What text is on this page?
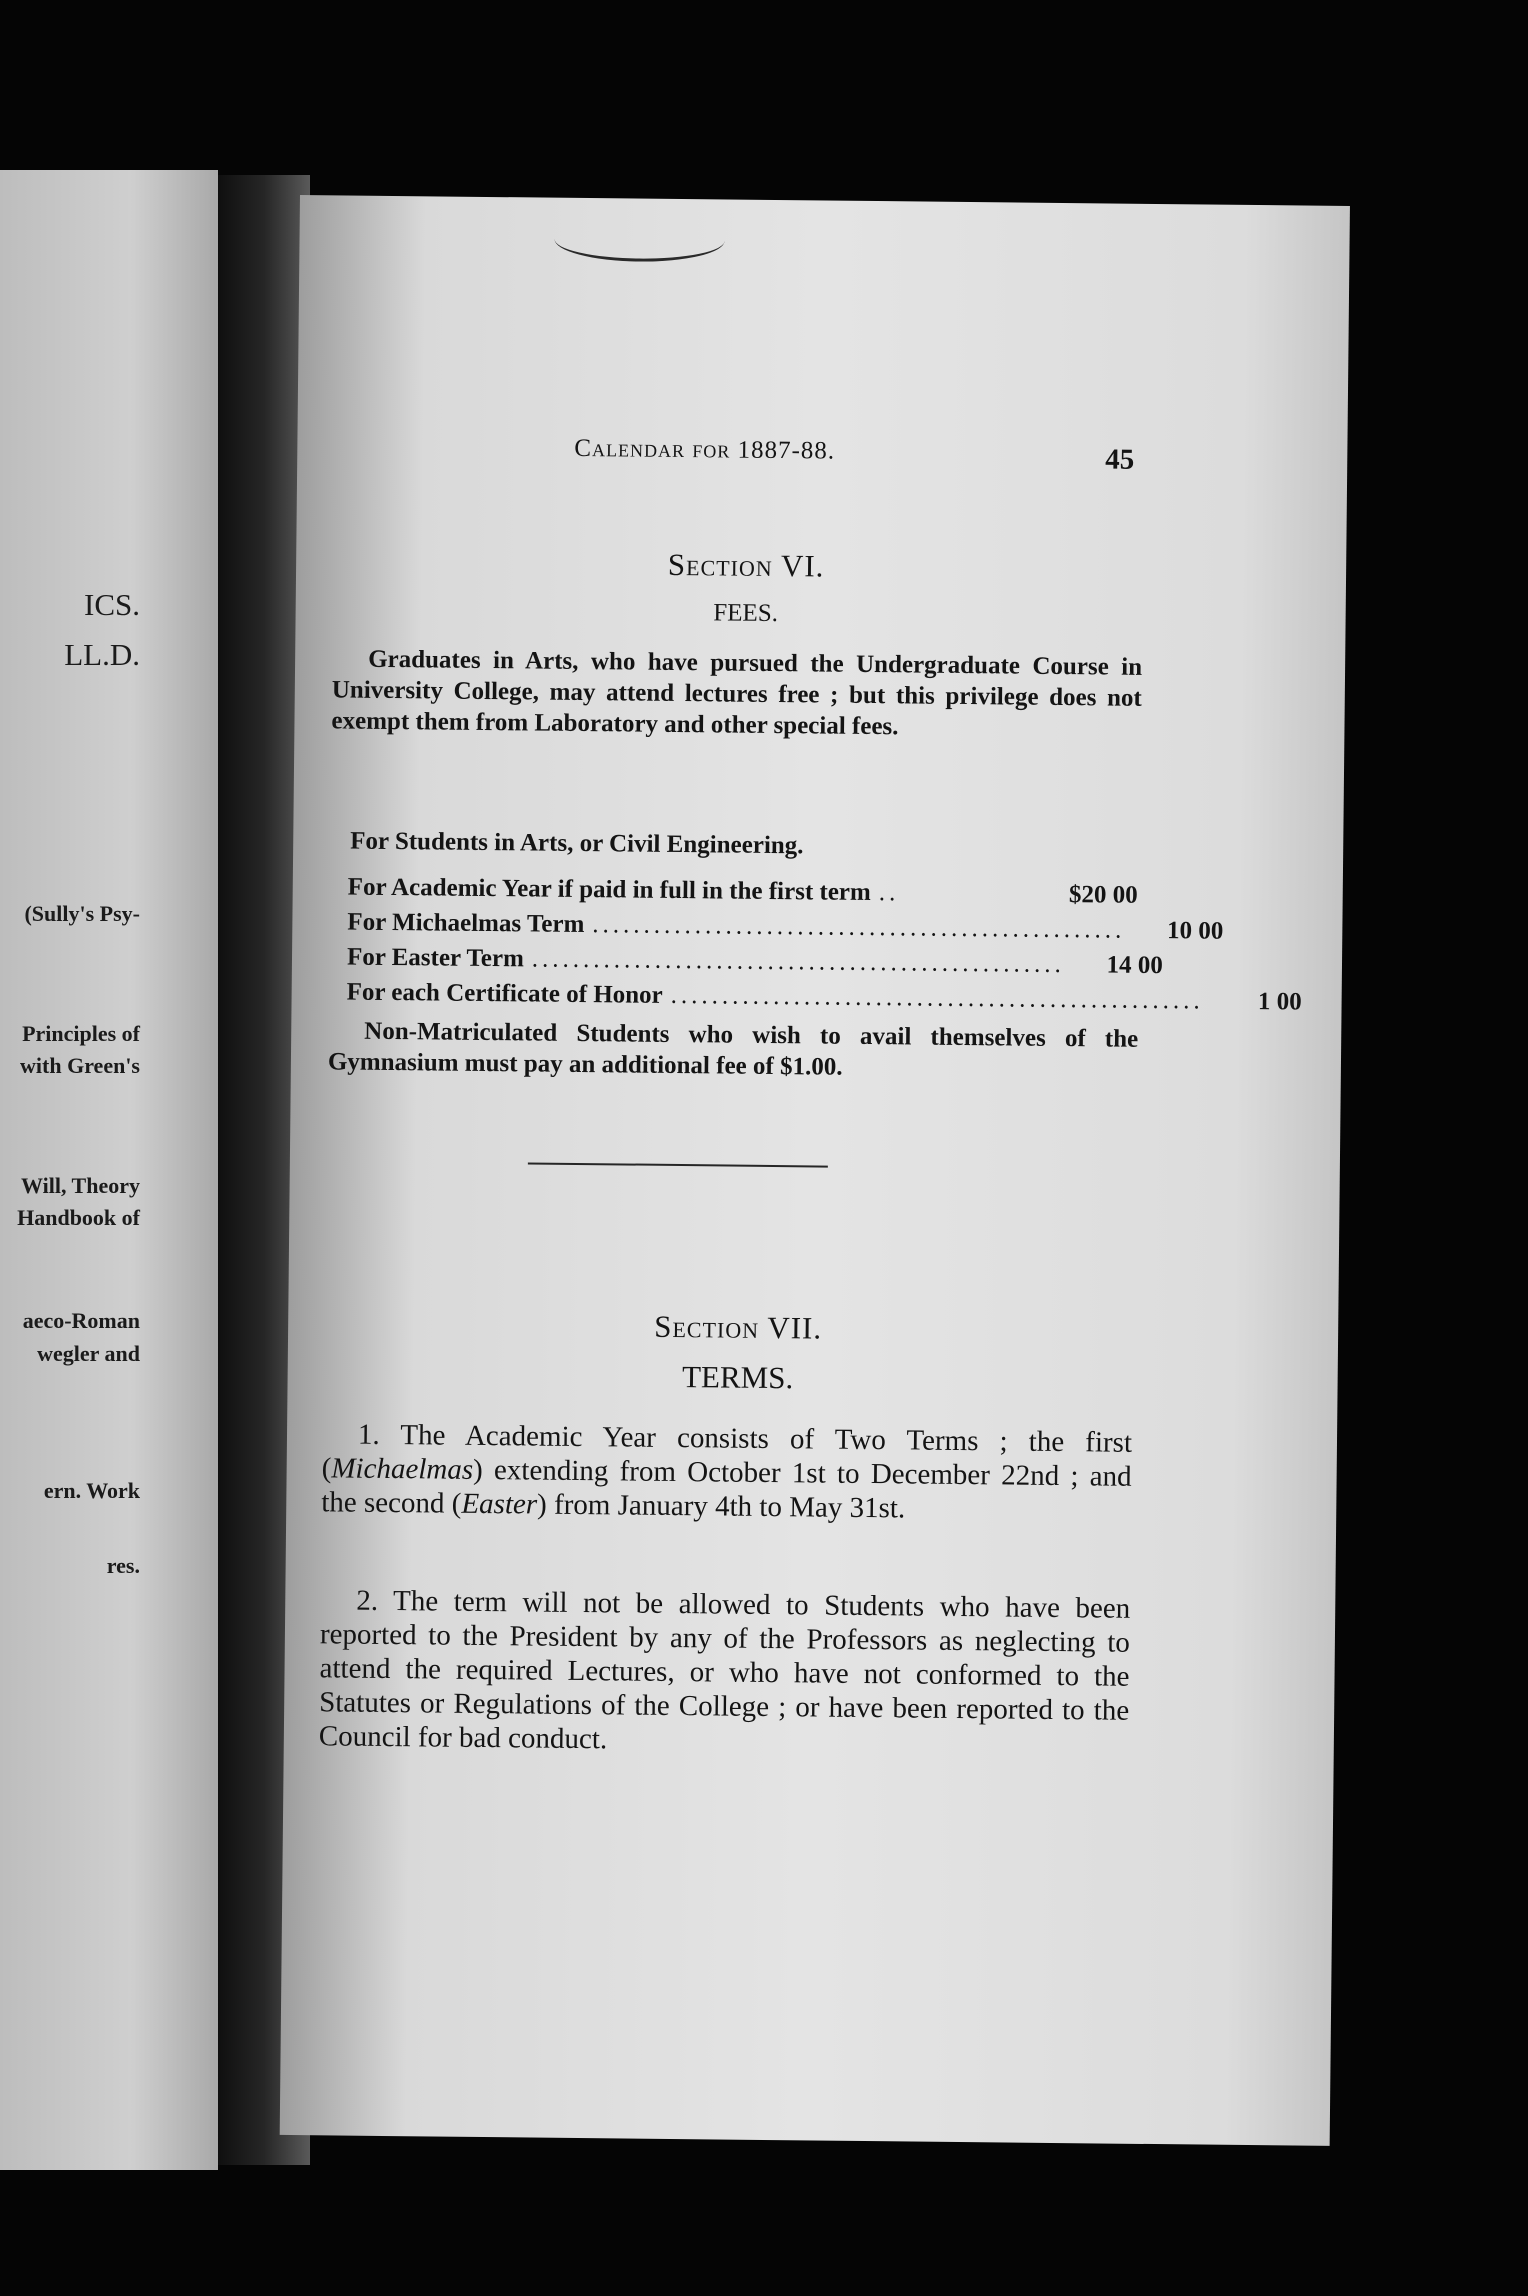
ICS.
LL.D.
(Sully's Psy-
Principles of
with Green's
Will, Theory
Handbook of
aeco-Roman
wegler and
ern. Work
res.
Calendar for 1887-88.	45
Section VI.
FEES.
Graduates in Arts, who have pursued the Undergraduate Course in University College, may attend lectures free ; but this privilege does not exempt them from Laboratory and other special fees.
For Students in Arts, or Civil Engineering.
For Academic Year if paid in full in the first term ..	$20 00
For Michaelmas Term ....................................................	10 00
For Easter Term ....................................................	14 00
For each Certificate of Honor ....................................................	1 00
Non-Matriculated Students who wish to avail themselves of the Gymnasium must pay an additional fee of $1.00.
Section VII.
TERMS.
1. The Academic Year consists of Two Terms ; the first (Michaelmas) extending from October 1st to December 22nd ; and the second (Easter) from January 4th to May 31st.
2. The term will not be allowed to Students who have been reported to the President by any of the Professors as neglecting to attend the required Lectures, or who have not conformed to the Statutes or Regulations of the College ; or have been reported to the Council for bad conduct.
